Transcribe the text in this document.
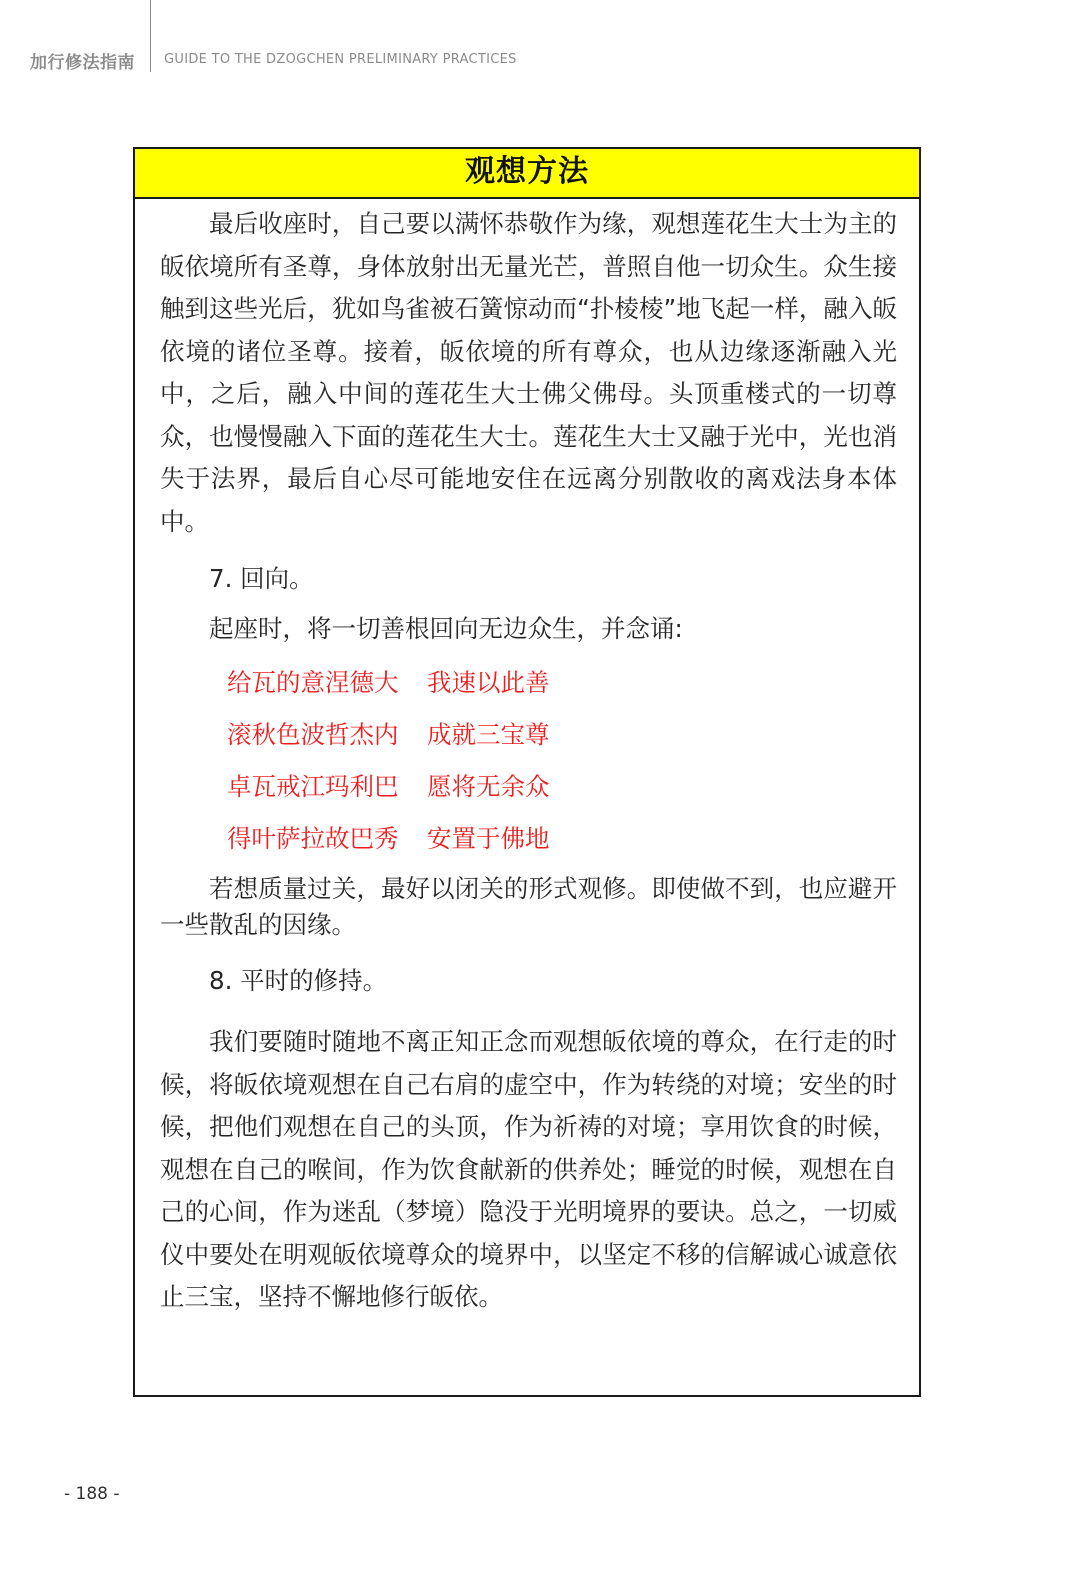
加行修法指南 GUIDE TO THE DZOGCHEN PRELIMINARY PRACTICES
观想方法

最后收座时，自己要以满怀恭敬作为缘，观想莲花生大士为主的皈依境所有圣尊，身体放射出无量光芒，普照自他一切众生。众生接触到这些光后，犹如鸟雀被石簧惊动而“扑棱棱”地飞起一样，融入皈依境的诸位圣尊。接着，皈依境的所有尊众，也从边缘逐渐融入光中，之后，融入中间的莲花生大士佛父佛母。头顶重楼式的一切尊众，也慢慢融入下面的莲花生大士。莲花生大士又融于光中，光也消失于法界，最后自心尽可能地安住在远离分别散收的离戏法身本体中。

7. 回向。

起座时，将一切善根回向无边众生，并念诵:

给瓦的意涅德大	我速以此善
滚秋色波哲杰内	成就三宝尊
卓瓦戒江玛利巴	愿将无余众
得叶萨拉故巴秀	安置于佛地

若想质量过关，最好以闭关的形式观修。即使做不到，也应避开一些散乱的因缘。

8. 平时的修持。

我们要随时随地不离正知正念而观想皈依境的尊众，在行走的时候，将皈依境观想在自己右肩的虚空中，作为转绕的对境；安坐的时候，把他们观想在自己的头顶，作为祈祷的对境；享用饮食的时候，观想在自己的喉间，作为饮食献新的供养处；睡觉的时候，观想在自己的心间，作为迷乱（梦境）隐没于光明境界的要诀。总之，一切威仪中要处在明观皈依境尊众的境界中，以坚定不移的信解诚心诚意依止三宝，坚持不懈地修行皈依。

- 188 -
